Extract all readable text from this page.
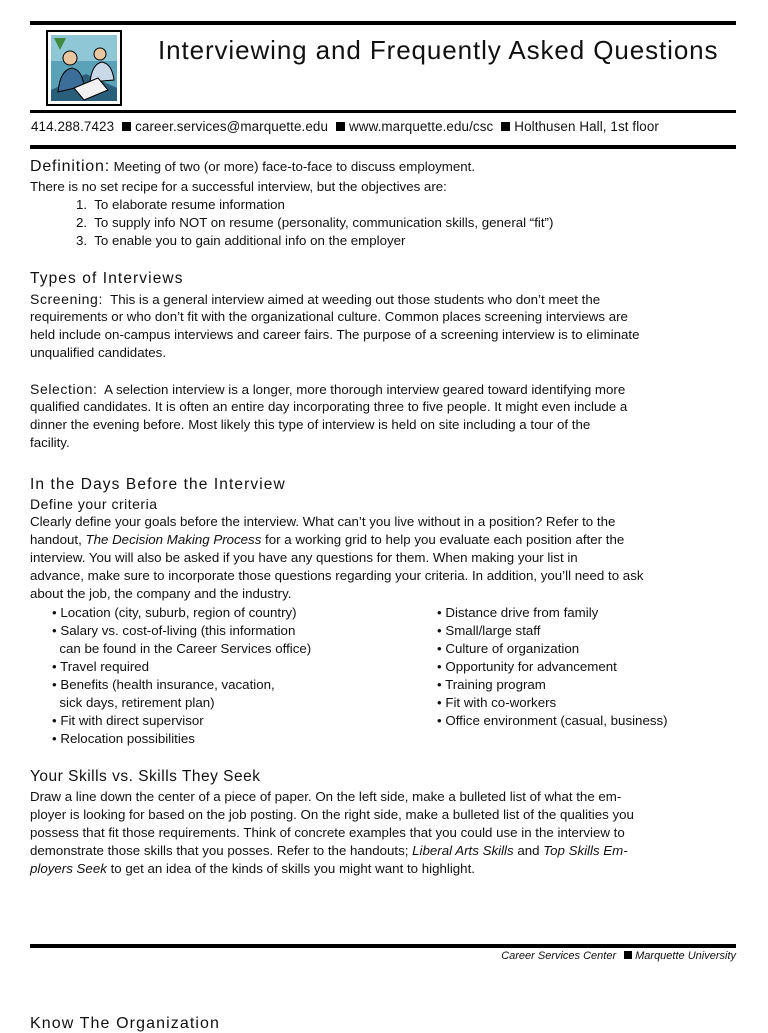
Interviewing and Frequently Asked Questions
414.288.7423 career.services@marquette.edu www.marquette.edu/csc Holthusen Hall, 1st floor
Definition: Meeting of two (or more) face-to-face to discuss employment.
There is no set recipe for a successful interview, but the objectives are:
1. To elaborate resume information
2. To supply info NOT on resume (personality, communication skills, general “fit”)
3. To enable you to gain additional info on the employer
Types of Interviews
Screening: This is a general interview aimed at weeding out those students who don’t meet the
requirements or who don’t fit with the organizational culture. Common places screening interviews are
held include on-campus interviews and career fairs. The purpose of a screening interview is to eliminate
unqualified candidates.
Selection: A selection interview is a longer, more thorough interview geared toward identifying more
qualified candidates. It is often an entire day incorporating three to five people. It might even include a
dinner the evening before. Most likely this type of interview is held on site including a tour of the
facility.
In the Days Before the Interview
Define your criteria
Clearly define your goals before the interview. What can’t you live without in a position? Refer to the
handout, The Decision Making Process for a working grid to help you evaluate each position after the
interview. You will also be asked if you have any questions for them. When making your list in
advance, make sure to incorporate those questions regarding your criteria. In addition, you’ll need to ask
about the job, the company and the industry.
• Location (city, suburb, region of country)
• Salary vs. cost-of-living (this information
can be found in the Career Services office)
• Travel required
• Benefits (health insurance, vacation,
sick days, retirement plan)
• Fit with direct supervisor
• Relocation possibilities
• Distance drive from family
• Small/large staff
• Culture of organization
• Opportunity for advancement
• Training program
• Fit with co-workers
• Office environment (casual, business)
Your Skills vs. Skills They Seek
Draw a line down the center of a piece of paper. On the left side, make a bulleted list of what the em-
ployer is looking for based on the job posting. On the right side, make a bulleted list of the qualities you
possess that fit those requirements. Think of concrete examples that you could use in the interview to
demonstrate those skills that you posses. Refer to the handouts; Liberal Arts Skills and Top Skills Em-
ployers Seek to get an idea of the kinds of skills you might want to highlight.
Career Services Center Marquette University
Know The Organization
